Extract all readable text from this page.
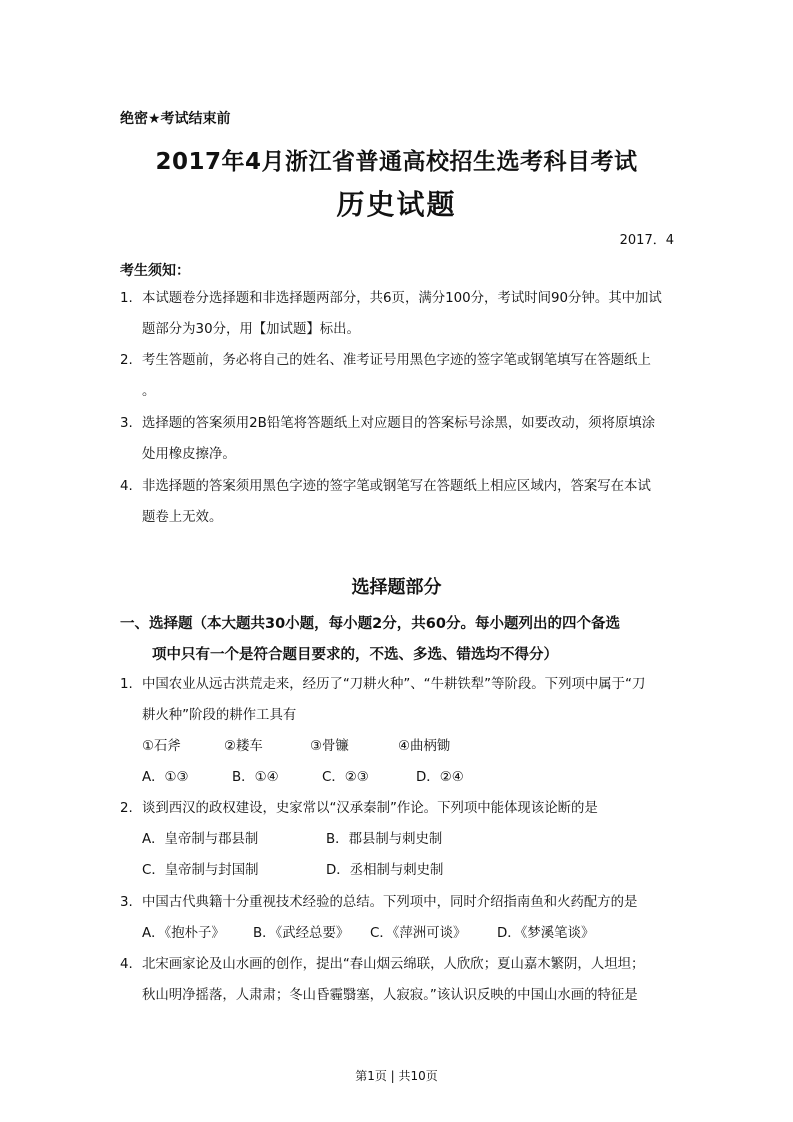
绝密★考试结束前
2017年4月浙江省普通高校招生选考科目考试
历史试题
2017．4
考生须知：
1. 本试题卷分选择题和非选择题两部分，共6页，满分100分，考试时间90分钟。其中加试
题部分为30分，用【加试题】标出。
2. 考生答题前，务必将自己的姓名、准考证号用黑色字迹的签字笔或钢笔填写在答题纸上
。
3. 选择题的答案须用2B铅笔将答题纸上对应题目的答案标号涂黑，如要改动，须将原填涂
处用橡皮擦净。
4. 非选择题的答案须用黑色字迹的签字笔或钢笔写在答题纸上相应区域内，答案写在本试
题卷上无效。
选择题部分
一、选择题（本大题共30小题，每小题2分，共60分。每小题列出的四个备选
项中只有一个是符合题目要求的，不选、多选、错选均不得分）
1. 中国农业从远古洪荒走来，经历了“刀耕火种”、“牛耕铁犁”等阶段。下列项中属于“刀
耕火种”阶段的耕作工具有
①石斧	②耧车	③骨镰	④曲柄锄
A．①③	B．①④	C．②③	D．②④
2. 谈到西汉的政权建设，史家常以“汉承秦制”作论。下列项中能体现该论断的是
A．皇帝制与郡县制	B．郡县制与刺史制
C．皇帝制与封国制	D．丞相制与刺史制
3. 中国古代典籍十分重视技术经验的总结。下列项中，同时介绍指南鱼和火药配方的是
A．《抱朴子》 B．《武经总要》 C．《萍洲可谈》 D．《梦溪笔谈》
4. 北宋画家论及山水画的创作，提出“春山烟云绵联，人欣欣；夏山嘉木繁阴，人坦坦；
秋山明净摇落，人肃肃；冬山昏霾翳塞，人寂寂。”该认识反映的中国山水画的特征是
第1页 | 共10页
